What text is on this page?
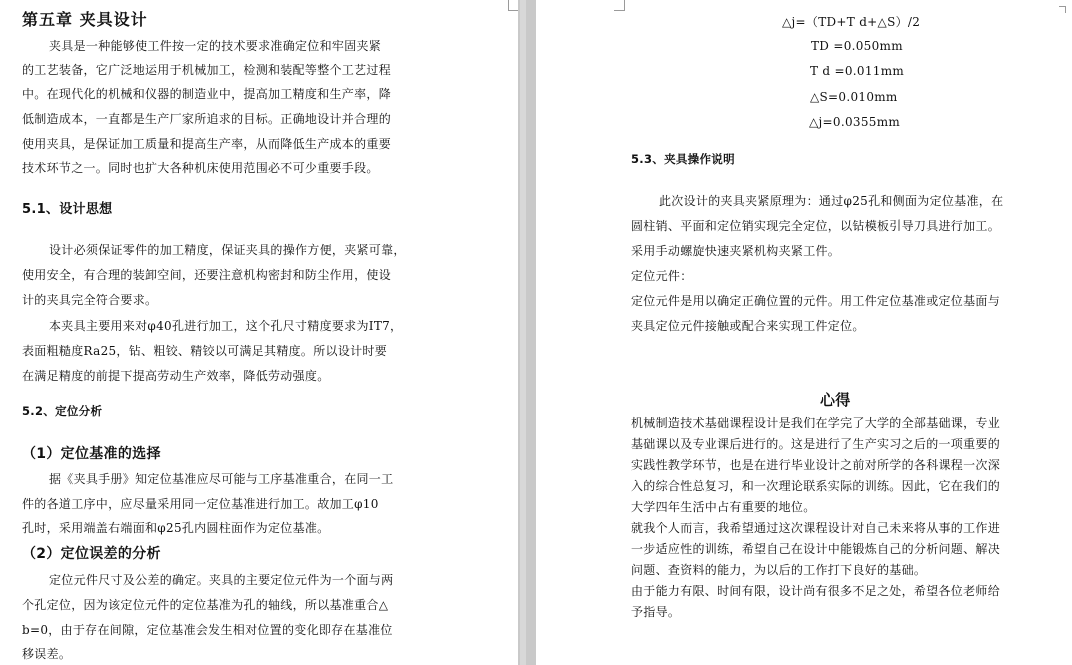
第五章 夹具设计
夹具是一种能够使工件按一定的技术要求准确定位和牢固夹紧
的工艺装备，它广泛地运用于机械加工，检测和装配等整个工艺过程
中。在现代化的机械和仪器的制造业中，提高加工精度和生产率，降
低制造成本，一直都是生产厂家所追求的目标。正确地设计并合理的
使用夹具，是保证加工质量和提高生产率，从而降低生产成本的重要
技术环节之一。同时也扩大各种机床使用范围必不可少重要手段。
5.1、设计思想
设计必须保证零件的加工精度，保证夹具的操作方便，夹紧可靠，
使用安全，有合理的装卸空间，还要注意机构密封和防尘作用，使设
计的夹具完全符合要求。
本夹具主要用来对φ40孔进行加工，这个孔尺寸精度要求为IT7，
表面粗糙度Ra25，钻、粗铰、精铰以可满足其精度。所以设计时要
在满足精度的前提下提高劳动生产效率，降低劳动强度。
5.2、定位分析
（1）定位基准的选择
据《夹具手册》知定位基准应尽可能与工序基准重合，在同一工
件的各道工序中，应尽量采用同一定位基准进行加工。故加工φ10
孔时，采用端盖右端面和φ25孔内圆柱面作为定位基准。
（2）定位误差的分析
定位元件尺寸及公差的确定。夹具的主要定位元件为一个面与两
个孔定位，因为该定位元件的定位基准为孔的轴线，所以基准重合△
b=0，由于存在间隙，定位基准会发生相对位置的变化即存在基准位
移误差。
△j=（TD+T d+△S）/2
TD =0.050mm
T d =0.011mm
△S=0.010mm
△j=0.0355mm
5.3、夹具操作说明
此次设计的夹具夹紧原理为：通过φ25孔和侧面为定位基准，在
圆柱销、平面和定位销实现完全定位，以钻模板引导刀具进行加工。
采用手动螺旋快速夹紧机构夹紧工件。
定位元件：
定位元件是用以确定正确位置的元件。用工件定位基准或定位基面与
夹具定位元件接触或配合来实现工件定位。
心得
机械制造技术基础课程设计是我们在学完了大学的全部基础课，专业
基础课以及专业课后进行的。这是进行了生产实习之后的一项重要的
实践性教学环节，也是在进行毕业设计之前对所学的各科课程一次深
入的综合性总复习，和一次理论联系实际的训练。因此，它在我们的
大学四年生活中占有重要的地位。
就我个人而言，我希望通过这次课程设计对自己未来将从事的工作进
一步适应性的训练，希望自己在设计中能锻炼自己的分析问题、解决
问题、查资料的能力，为以后的工作打下良好的基础。
由于能力有限、时间有限，设计尚有很多不足之处，希望各位老师给
予指导。
